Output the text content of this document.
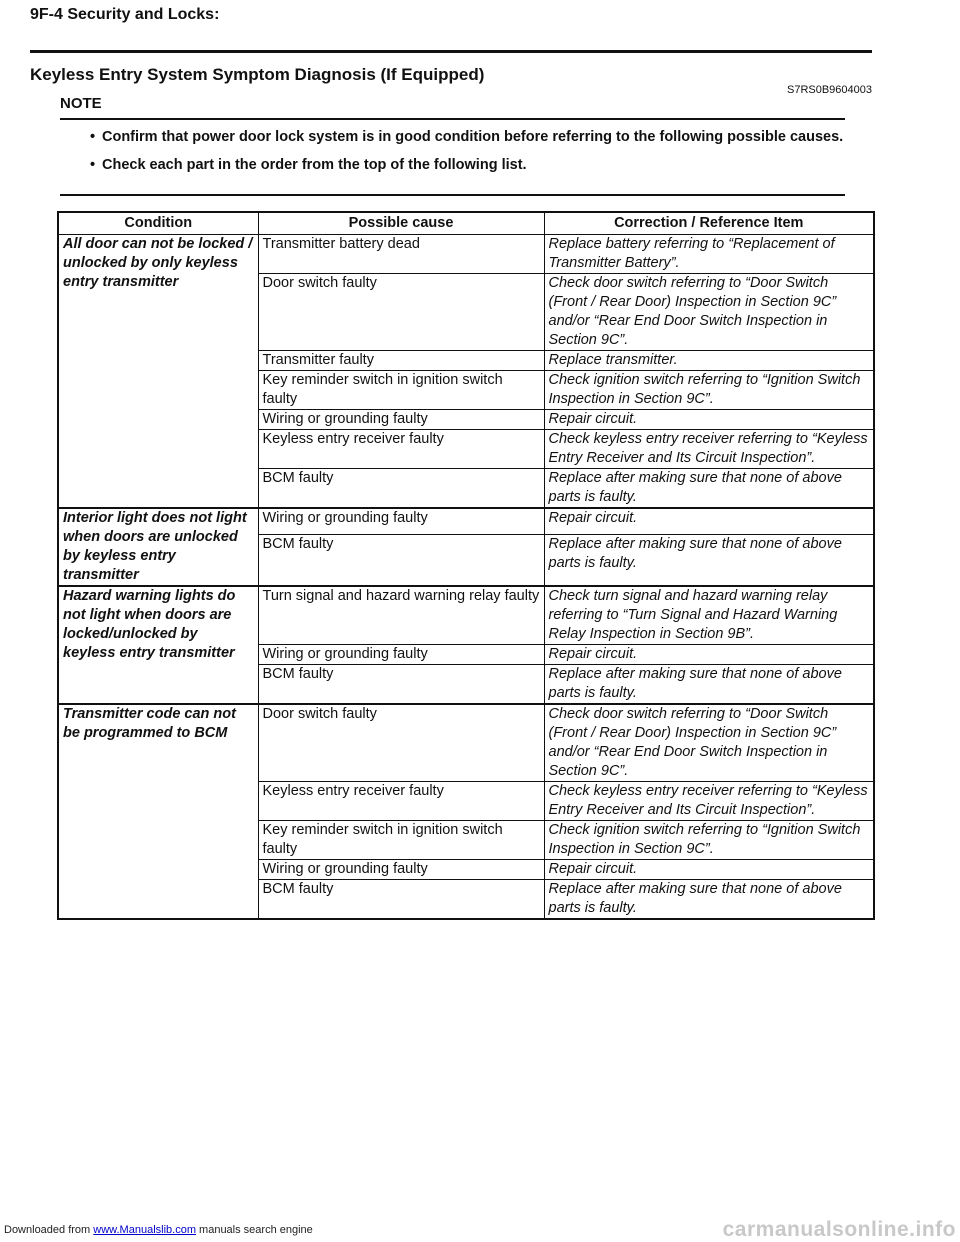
9F-4 Security and Locks:
Keyless Entry System Symptom Diagnosis (If Equipped)
S7RS0B9604003
NOTE
• Confirm that power door lock system is in good condition before referring to the following possible causes.
• Check each part in the order from the top of the following list.
Condition	Possible cause	Correction / Reference Item
All door can not be locked / unlocked by only keyless entry transmitter	Transmitter battery dead	Replace battery referring to “Replacement of Transmitter Battery”.
	Door switch faulty	Check door switch referring to “Door Switch (Front / Rear Door) Inspection in Section 9C” and/or “Rear End Door Switch Inspection in Section 9C”.
	Transmitter faulty	Replace transmitter.
	Key reminder switch in ignition switch faulty	Check ignition switch referring to “Ignition Switch Inspection in Section 9C”.
	Wiring or grounding faulty	Repair circuit.
	Keyless entry receiver faulty	Check keyless entry receiver referring to “Keyless Entry Receiver and Its Circuit Inspection”.
	BCM faulty	Replace after making sure that none of above parts is faulty.
Interior light does not light when doors are unlocked by keyless entry transmitter	Wiring or grounding faulty	Repair circuit.
	BCM faulty	Replace after making sure that none of above parts is faulty.
Hazard warning lights do not light when doors are locked/unlocked by keyless entry transmitter	Turn signal and hazard warning relay faulty	Check turn signal and hazard warning relay referring to “Turn Signal and Hazard Warning Relay Inspection in Section 9B”.
	Wiring or grounding faulty	Repair circuit.
	BCM faulty	Replace after making sure that none of above parts is faulty.
Transmitter code can not be programmed to BCM	Door switch faulty	Check door switch referring to “Door Switch (Front / Rear Door) Inspection in Section 9C” and/or “Rear End Door Switch Inspection in Section 9C”.
	Keyless entry receiver faulty	Check keyless entry receiver referring to “Keyless Entry Receiver and Its Circuit Inspection”.
	Key reminder switch in ignition switch faulty	Check ignition switch referring to “Ignition Switch Inspection in Section 9C”.
	Wiring or grounding faulty	Repair circuit.
	BCM faulty	Replace after making sure that none of above parts is faulty.
Downloaded from www.Manualslib.com manuals search engine	carmanualsonline.info
